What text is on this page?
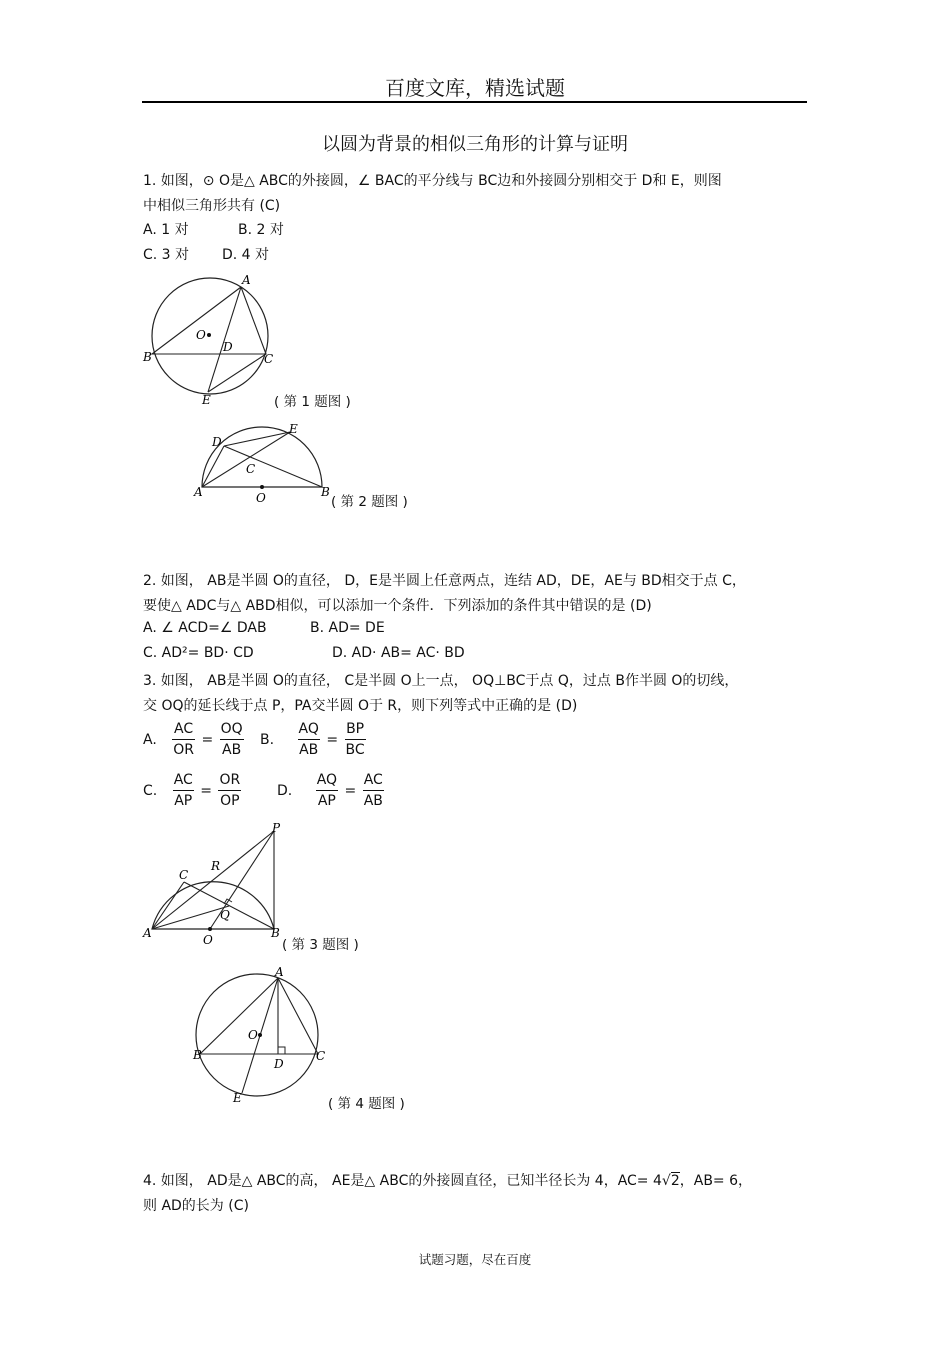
百度文库，精选试题
以圆为背景的相似三角形的计算与证明
1. 如图，⊙ O是△ ABC的外接圆，∠ BAC的平分线与 BC边和外接圆分别相交于 D和 E，则图
中相似三角形共有 (C)
A. 1 对	B. 2 对
C. 3 对 D. 4 对
A
B	C
D
E
O
( 第 1 题图 )
A	B
C
D
E
O	( 第 2 题图 )
2. 如图， AB是半圆 O的直径， D，E是半圆上任意两点，连结 AD，DE，AE与 BD相交于点 C，
要使△ ADC与△ ABD相似，可以添加一个条件．下列添加的条件其中错误的是 (D)
A. ∠ ACD=∠ DAB	B. AD= DE
C. AD²= BD· CD	D. AD· AB= AC· BD
3. 如图， AB是半圆 O的直径， C是半圆 O上一点， OQ⊥BC于点 Q，过点 B作半圆 O的切线，
交 OQ的延长线于点 P，PA交半圆 O于 R，则下列等式中正确的是 (D)
A. $\frac{AC}{OR} = \frac{OQ}{AB} B$. $\frac{AQ}{AB} = \frac{BP}{BC}$
C. $\frac{AC}{AP} = \frac{OR}{OP}$	D. $\frac{AQ}{AP} = \frac{AC}{AB}$
A	B
C
O
P
Q
R
( 第 3 题图 )
A
B	C
D
E
O
( 第 4 题图 )
4. 如图， AD是△ ABC的高， AE是△ ABC的外接圆直径，已知半径长为 4，AC= 4√2，AB= 6，
则 AD的长为 (C)
试题习题，尽在百度
